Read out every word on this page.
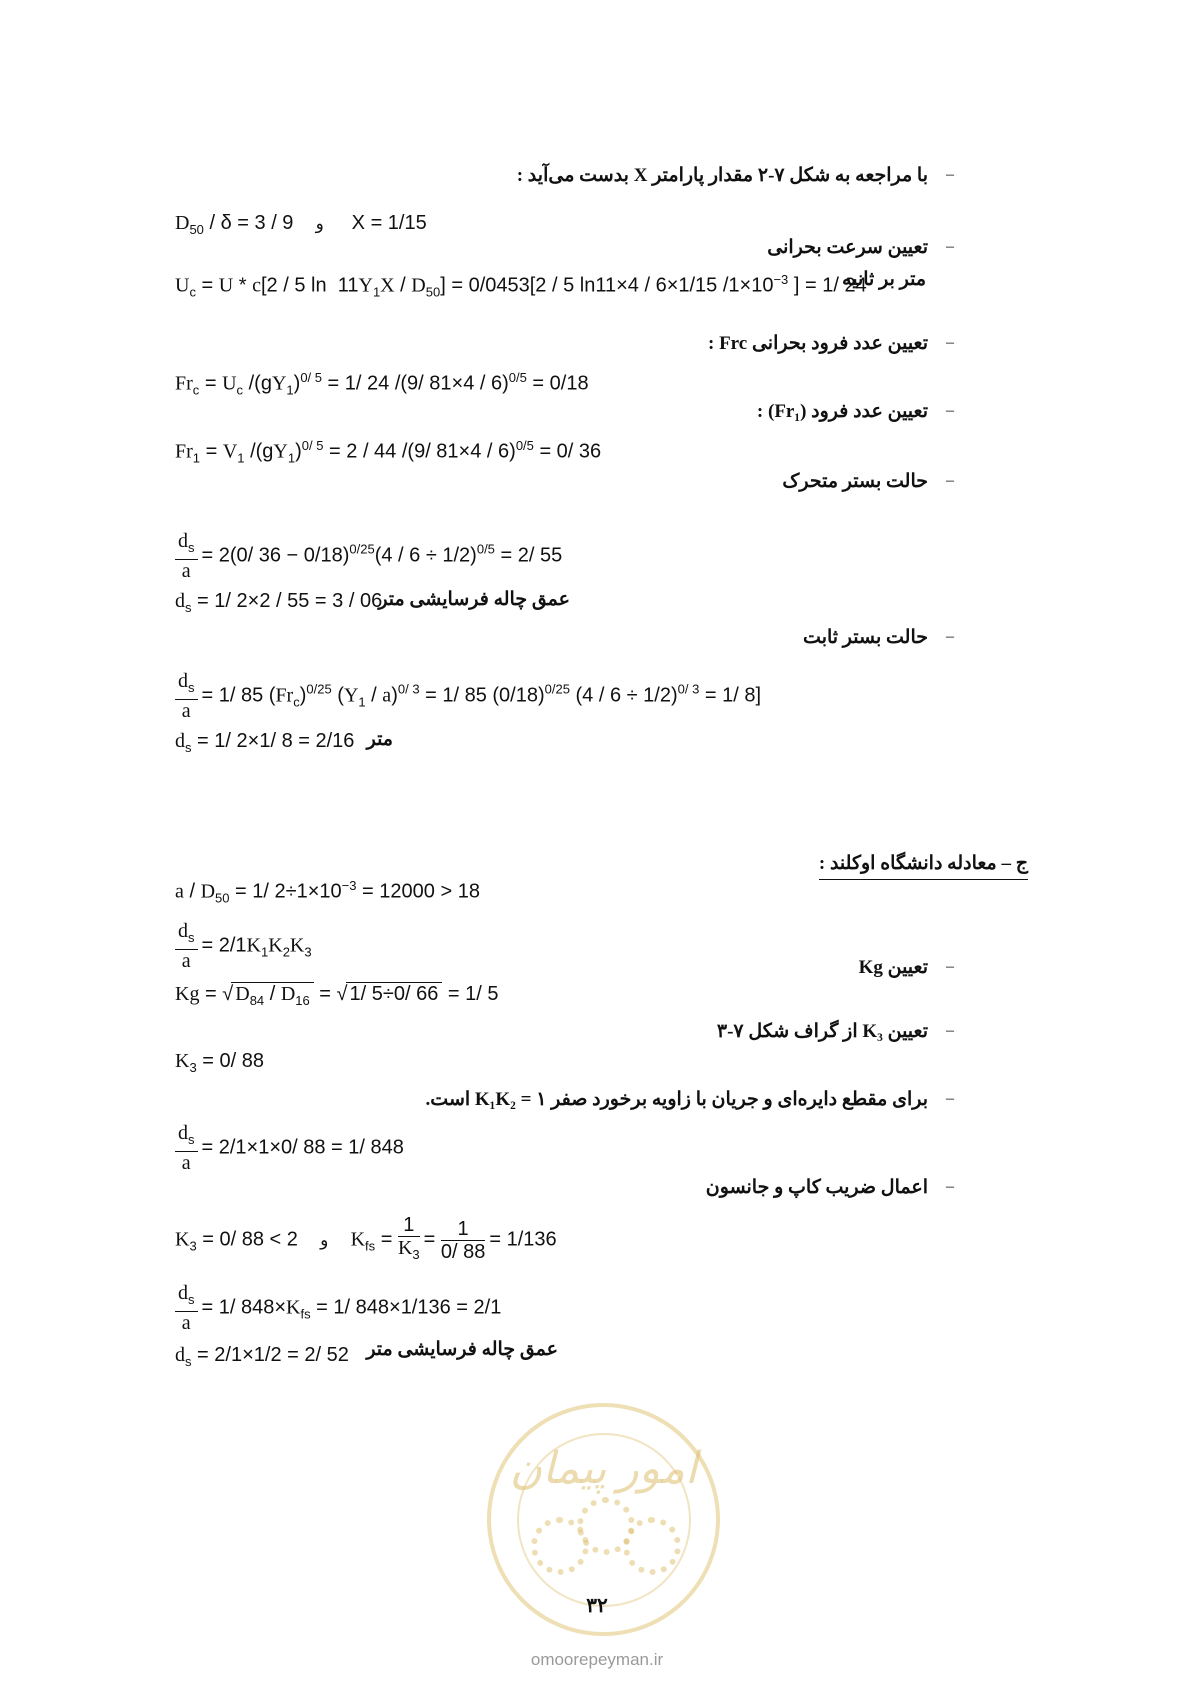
–
با مراجعه به شکل ۷-۲ مقدار پارامتر X بدست می‌آید :
$D_{50} / \delta = 3 / 9$    و     X = 1/15
–
تعیین سرعت بحرانی
متر بر ثانیه
$U_c = U * c[2 / 5$ $\ln 11Y_1X / D_{50}] = 0/0453[2 / 5$ ln11×4 / 6×1/15 $/1\times 10^{-3}$ ] = 1/ 24
–
تعیین عدد فرود بحرانی Frc :
$Fr_c = U_c$ $/(gY_1)^{0/ 5} = 1/$ 24 /(9/ 81×4 / 6)$^{0/5}$ = 0/18
–
تعیین عدد فرود (Fr₁) :
$Fr_1 = V_1$ $/(gY_1)^{0/ 5} = 2 / 44$ /(9/ 81×4 / 6)$^{0/5}$ = 0/ 36
–
حالت بستر متحرک
$\frac{d_s}{a} = 2(0/$ $36 - 0/18)^{0/25}(4 / 6 \div 1/2)^{0/5} = 2/$ 55
$d_s = 1/$ 2×2 / 55 = 3 / 06
عمق چاله فرسایشی متر
–
حالت بستر ثابت
$\frac{d_s}{a} = 1/$ 85 $(Fr_c)^{0/25}$ $(Y_1 / a)^{0/ 3} = 1/$ 85 $(0/18)^{0/25}$ $(4 / 6 \div 1/2)^{0/ 3} = 1/$ 8]
$d_s = 1/$ 2×1/ 8 = 2/16 متر
ج – معادله دانشگاه اوکلند :
$a / D_{50} = 1/$ $2\div 1\times 10^{-3} = 12000 > 18$
$\frac{d_s}{a} = 2/1K_1K_2K_3$
–
تعیین Kg
Kg = √ $D_{84} / D_{16}$ = √ 1/ 5÷0/ 66 = 1/ 5
–
تعیین K₃ از گراف شکل ۷-۳
$K_3 = 0/$ 88
–
برای مقطع دایره‌ای و جریان با زاویه برخورد صفر ۱ = K₁K₂ است.
$\frac{d_s}{a} = 2/1\times 1\times 0/$ 88 = 1/ 848
–
اعمال ضریب کاپ و جانسون
$K_3 = 0/$ 88 < 2    و $K_{fs} = \frac{1}{K_3} = \frac{1}{0/ 88} = 1/136$
$\frac{d_s}{a} = 1/$ $848\times K_{fs} = 1/$ 848×1/136 = 2/1
$d_s = 2/1\times 1/2 = 2/$ 52 عمق چاله فرسایشی متر
امور پیمان
۳۲
omoorepeyman.ir
